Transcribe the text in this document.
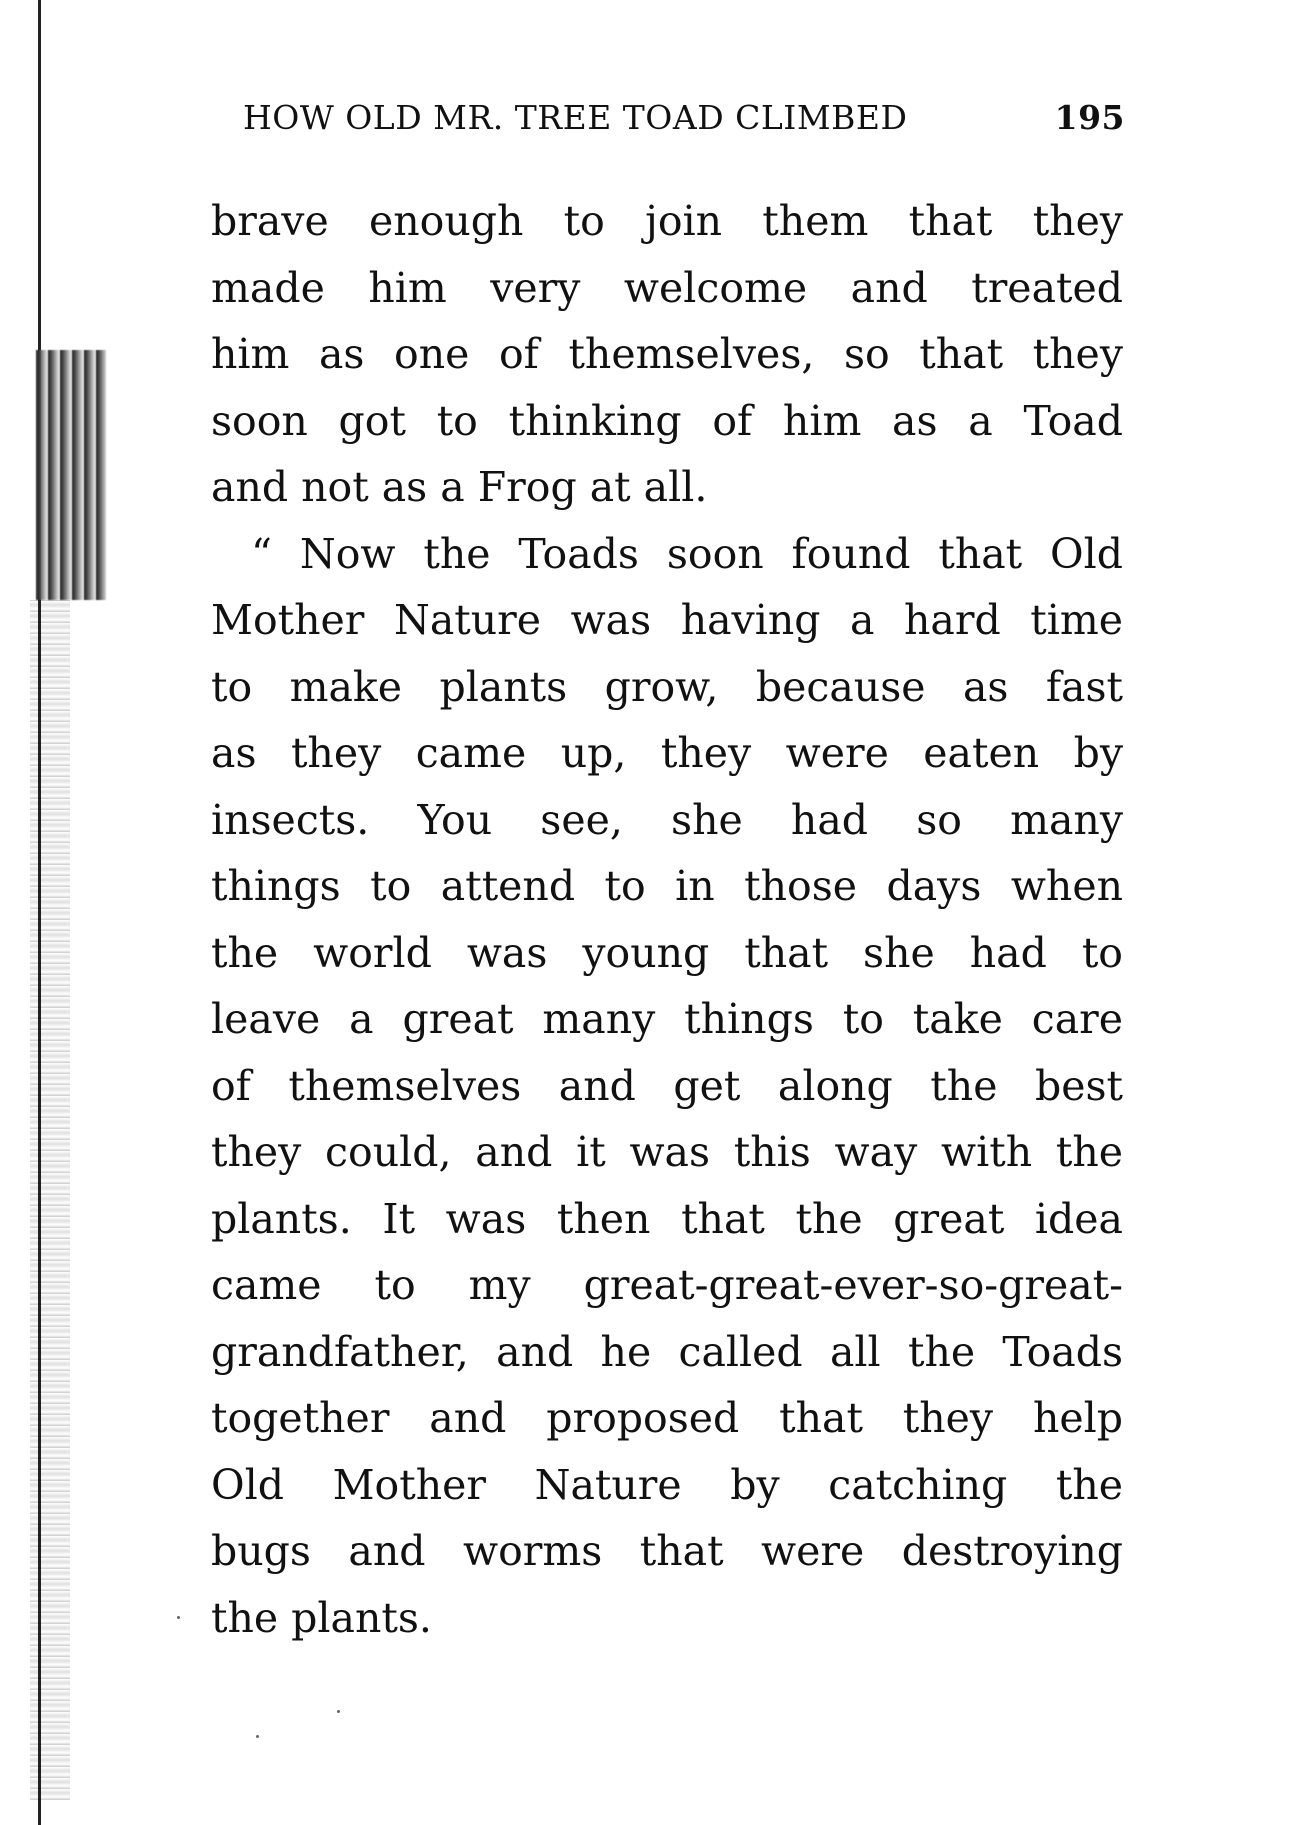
HOW OLD MR. TREE TOAD CLIMBED	195
brave enough to join them that they
made him very welcome and treated
him as one of themselves, so that they
soon got to thinking of him as a Toad
and not as a Frog at all.
“ Now the Toads soon found that Old
Mother Nature was having a hard time
to make plants grow, because as fast
as they came up, they were eaten by
insects. You see, she had so many
things to attend to in those days when
the world was young that she had to
leave a great many things to take care
of themselves and get along the best
they could, and it was this way with the
plants. It was then that the great idea
came to my great-great-ever-so-great-
grandfather, and he called all the Toads
together and proposed that they help
Old Mother Nature by catching the
bugs and worms that were destroying
the plants.
